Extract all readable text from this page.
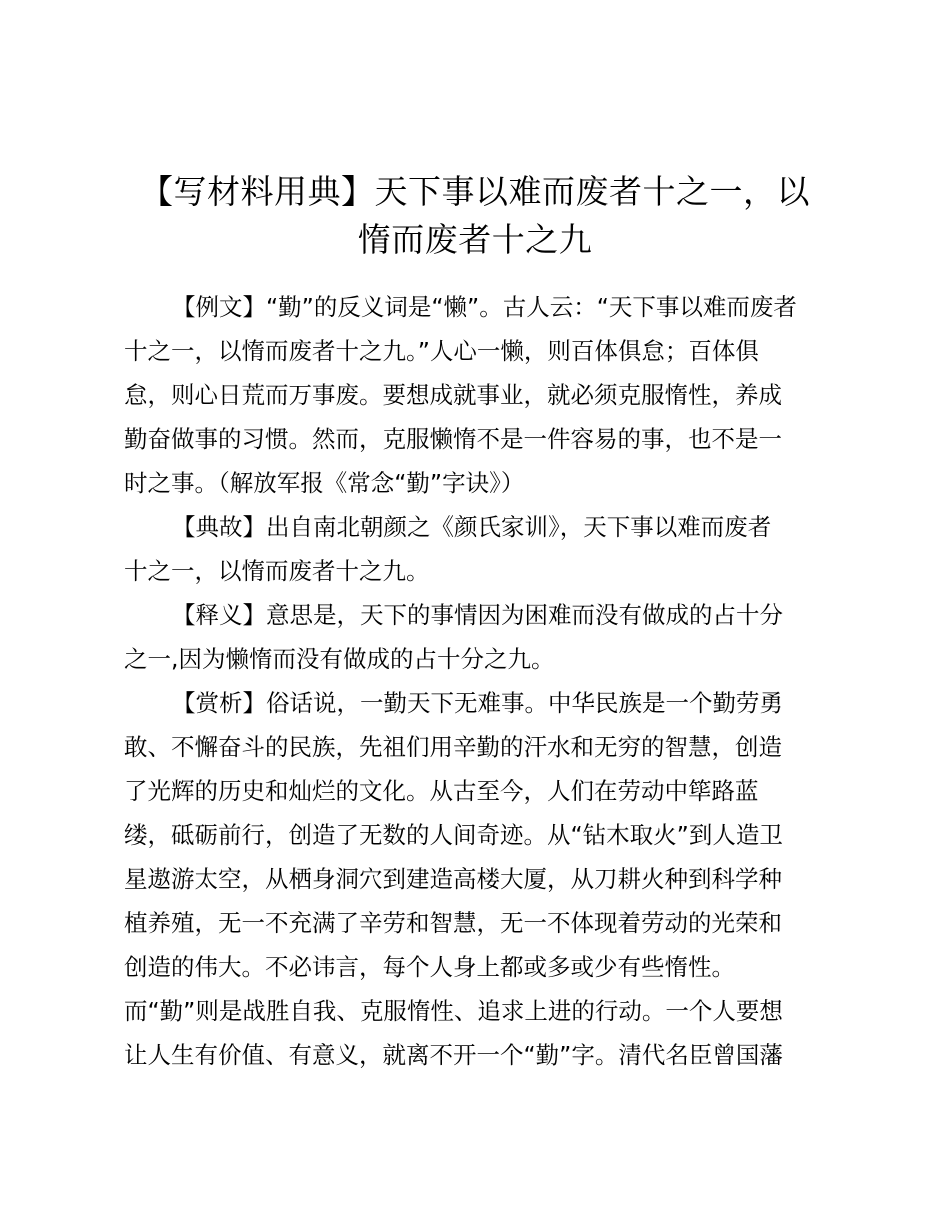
【写材料用典】天下事以难而废者十之一，以
惰而废者十之九
【例文】“勤”的反义词是“懒”。古人云：“天下事以难而废者
十之一，以惰而废者十之九。”人心一懒，则百体俱怠；百体俱
怠，则心日荒而万事废。要想成就事业，就必须克服惰性，养成
勤奋做事的习惯。然而，克服懒惰不是一件容易的事，也不是一
时之事。（解放军报《常念“勤”字诀》）
【典故】出自南北朝颜之《颜氏家训》，天下事以难而废者
十之一，以惰而废者十之九。
【释义】意思是，天下的事情因为困难而没有做成的占十分
之一,因为懒惰而没有做成的占十分之九。
【赏析】俗话说，一勤天下无难事。中华民族是一个勤劳勇
敢、不懈奋斗的民族，先祖们用辛勤的汗水和无穷的智慧，创造
了光辉的历史和灿烂的文化。从古至今，人们在劳动中筚路蓝
缕，砥砺前行，创造了无数的人间奇迹。从“钻木取火”到人造卫
星遨游太空，从栖身洞穴到建造高楼大厦，从刀耕火种到科学种
植养殖，无一不充满了辛劳和智慧，无一不体现着劳动的光荣和
创造的伟大。不必讳言，每个人身上都或多或少有些惰性。
而“勤”则是战胜自我、克服惰性、追求上进的行动。一个人要想
让人生有价值、有意义，就离不开一个“勤”字。清代名臣曾国藩
